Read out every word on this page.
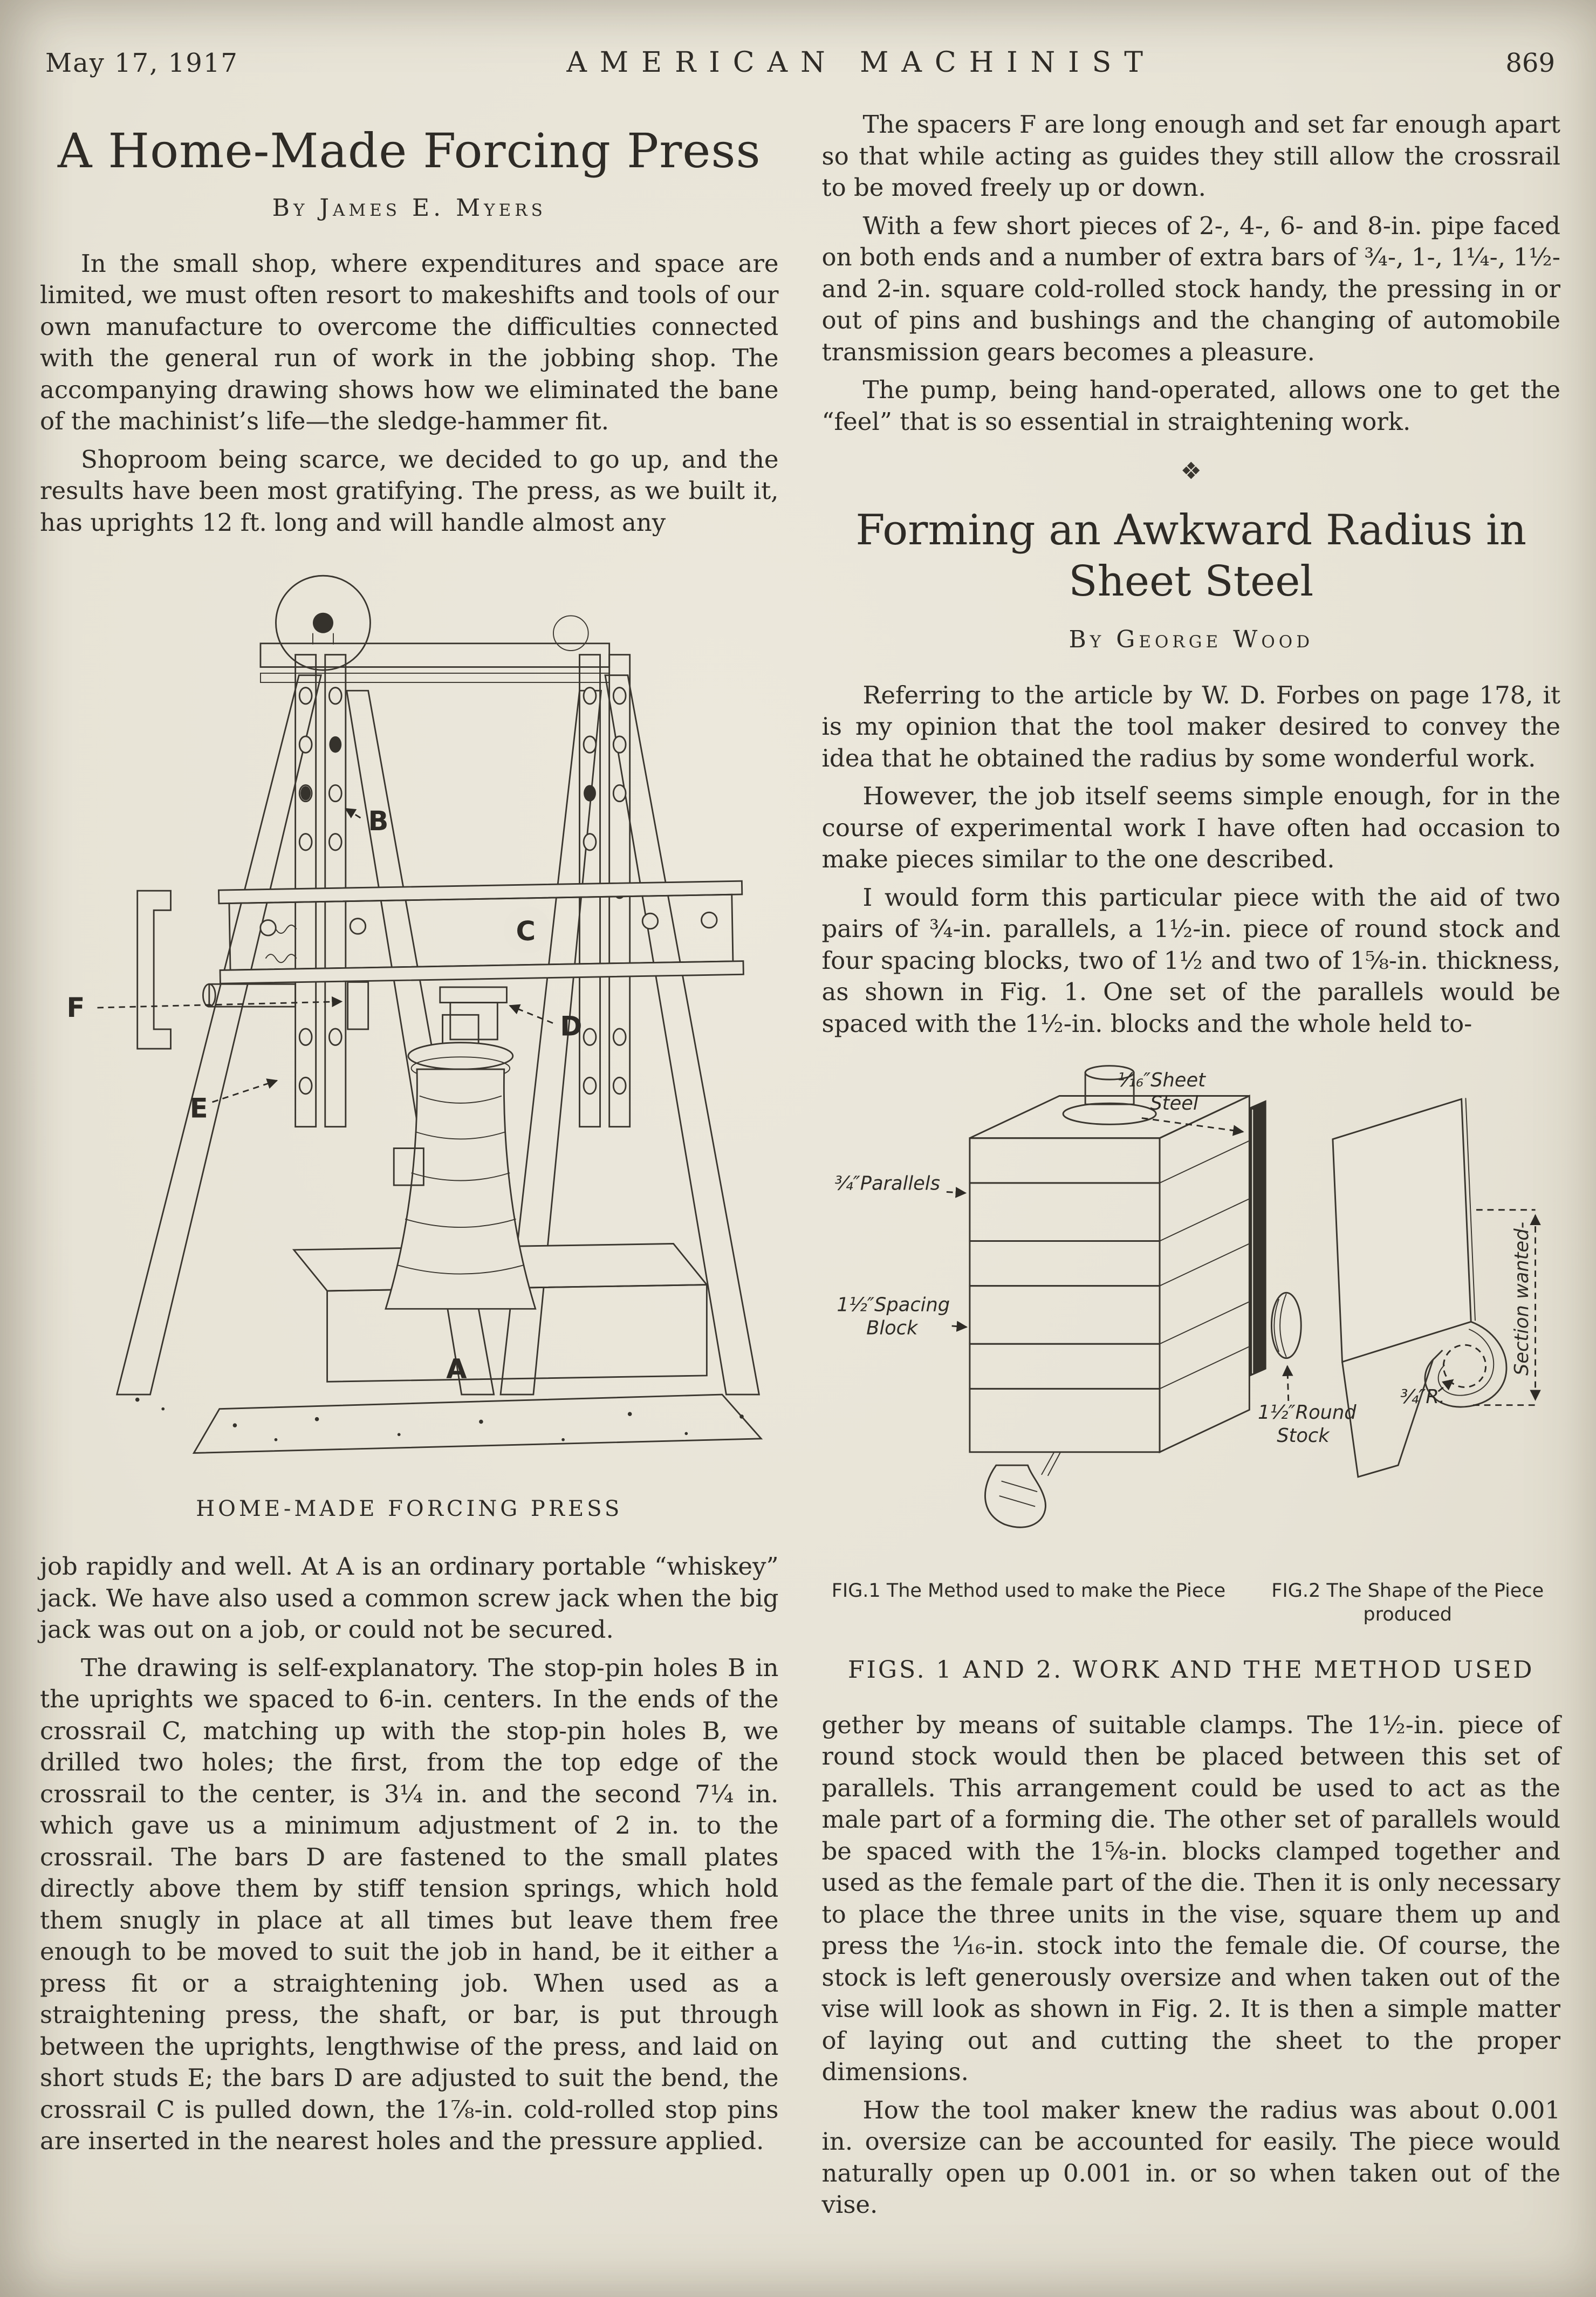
May 17, 1917	AMERICAN MACHINIST	869
A Home-Made Forcing Press
By James E. Myers

In the small shop, where expenditures and space are limited, we must often resort to makeshifts and tools of our own manufacture to overcome the difficulties connected with the general run of work in the jobbing shop. The accompanying drawing shows how we eliminated the bane of the machinist’s life—the sledge-hammer fit.

Shoproom being scarce, we decided to go up, and the results have been most gratifying. The press, as we built it, has uprights 12 ft. long and will handle almost any

B
C
D
E
F
A
HOME-MADE FORCING PRESS

job rapidly and well. At A is an ordinary portable “whiskey” jack. We have also used a common screw jack when the big jack was out on a job, or could not be secured.

The drawing is self-explanatory. The stop-pin holes B in the uprights we spaced to 6-in. centers. In the ends of the crossrail C, matching up with the stop-pin holes B, we drilled two holes; the first, from the top edge of the crossrail to the center, is 3¼ in. and the second 7¼ in. which gave us a minimum adjustment of 2 in. to the crossrail. The bars D are fastened to the small plates directly above them by stiff tension springs, which hold them snugly in place at all times but leave them free enough to be moved to suit the job in hand, be it either a press fit or a straightening job. When used as a straightening press, the shaft, or bar, is put through between the uprights, lengthwise of the press, and laid on short studs E; the bars D are adjusted to suit the bend, the crossrail C is pulled down, the 1⅞-in. cold-rolled stop pins are inserted in the nearest holes and the pressure applied.

The spacers F are long enough and set far enough apart so that while acting as guides they still allow the crossrail to be moved freely up or down.

With a few short pieces of 2-, 4-, 6- and 8-in. pipe faced on both ends and a number of extra bars of ¾-, 1-, 1¼-, 1½- and 2-in. square cold-rolled stock handy, the pressing in or out of pins and bushings and the changing of automobile transmission gears becomes a pleasure.

The pump, being hand-operated, allows one to get the “feel” that is so essential in straightening work.

❖
Forming an Awkward Radius in Sheet Steel
By George Wood

Referring to the article by W. D. Forbes on page 178, it is my opinion that the tool maker desired to convey the idea that he obtained the radius by some wonderful work.

However, the job itself seems simple enough, for in the course of experimental work I have often had occasion to make pieces similar to the one described.

I would form this particular piece with the aid of two pairs of ¾-in. parallels, a 1½-in. piece of round stock and four spacing blocks, two of 1½ and two of 1⅝-in. thickness, as shown in Fig. 1. One set of the parallels would be spaced with the 1½-in. blocks and the whole held to-

¾″Parallels
1½″Spacing
Block
¹⁄₁₆″Sheet
Steel
1½″Round
Stock
¾″R.
Section wanted-
FIG.1 The Method used to make the Piece	FIG.2 The Shape of the Piece produced
FIGS. 1 AND 2. WORK AND THE METHOD USED

gether by means of suitable clamps. The 1½-in. piece of round stock would then be placed between this set of parallels. This arrangement could be used to act as the male part of a forming die. The other set of parallels would be spaced with the 1⅝-in. blocks clamped together and used as the female part of the die. Then it is only necessary to place the three units in the vise, square them up and press the ¹⁄₁₆-in. stock into the female die. Of course, the stock is left generously oversize and when taken out of the vise will look as shown in Fig. 2. It is then a simple matter of laying out and cutting the sheet to the proper dimensions.

How the tool maker knew the radius was about 0.001 in. oversize can be accounted for easily. The piece would naturally open up 0.001 in. or so when taken out of the vise.
